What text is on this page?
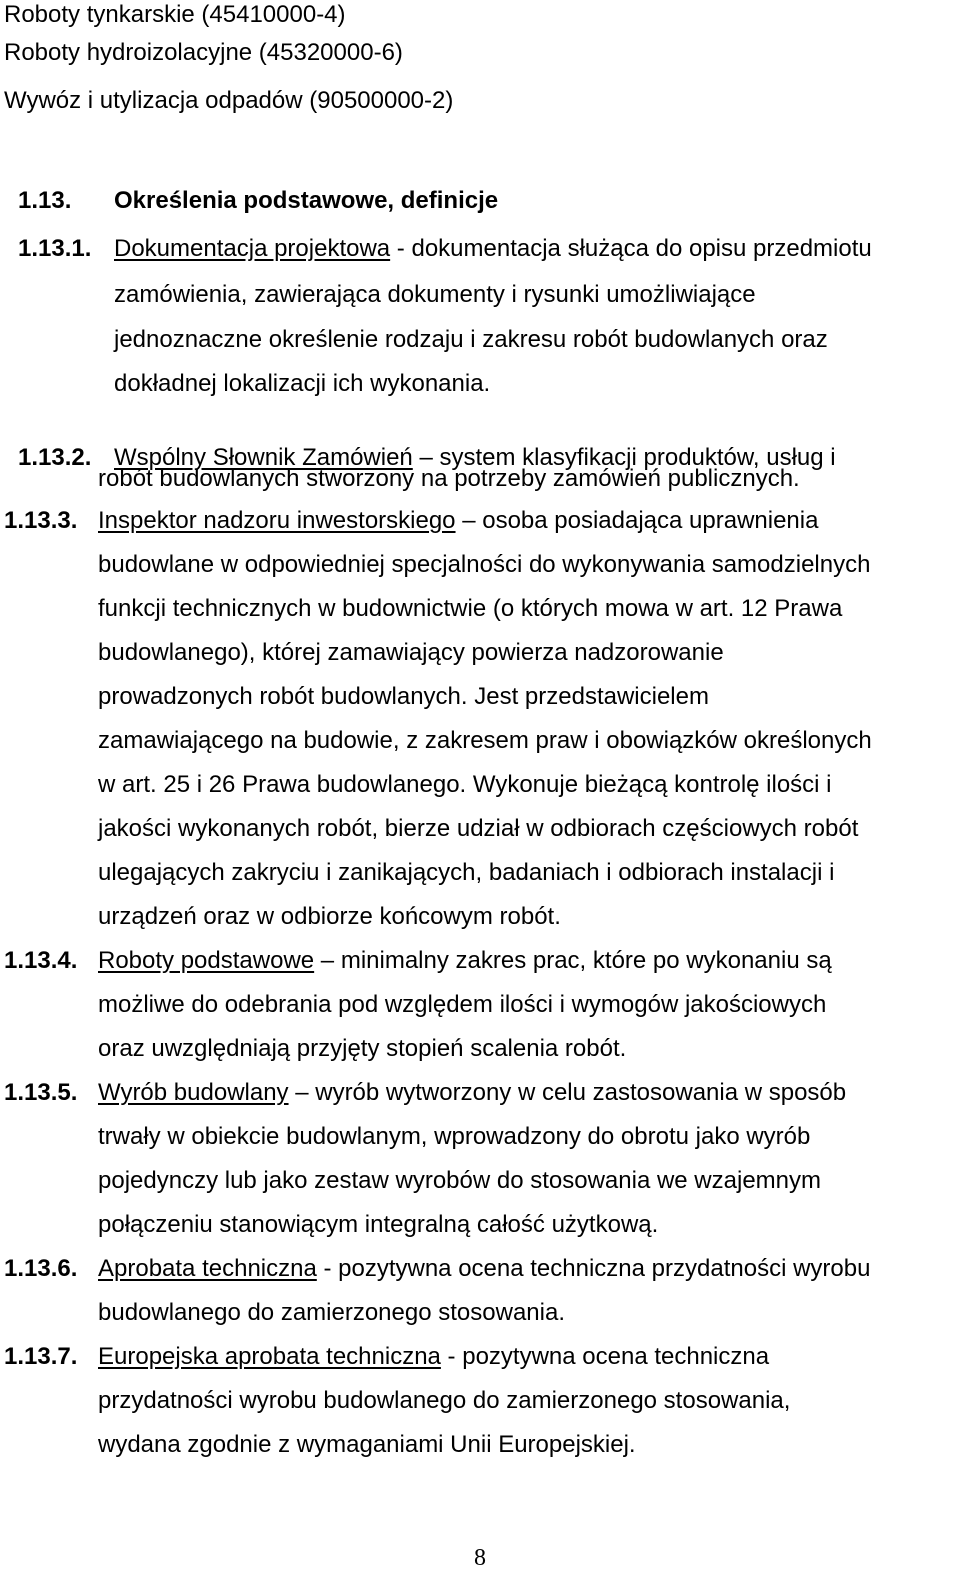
Roboty tynkarskie (45410000-4)
Roboty hydroizolacyjne (45320000-6)
Wywóz i utylizacja odpadów (90500000-2)
1.13. Określenia podstawowe, definicje
1.13.1. Dokumentacja projektowa - dokumentacja służąca do opisu przedmiotu
zamówienia, zawierająca dokumenty i rysunki umożliwiające
jednoznaczne określenie rodzaju i zakresu robót budowlanych oraz
dokładnej lokalizacji ich wykonania.
1.13.2. Wspólny Słownik Zamówień – system klasyfikacji produktów, usług i
robót budowlanych stworzony na potrzeby zamówień publicznych.
1.13.3. Inspektor nadzoru inwestorskiego – osoba posiadająca uprawnienia
budowlane w odpowiedniej specjalności do wykonywania samodzielnych
funkcji technicznych w budownictwie (o których mowa w art. 12 Prawa
budowlanego), której zamawiający powierza nadzorowanie
prowadzonych robót budowlanych. Jest przedstawicielem
zamawiającego na budowie, z zakresem praw i obowiązków określonych
w art. 25 i 26 Prawa budowlanego. Wykonuje bieżącą kontrolę ilości i
jakości wykonanych robót, bierze udział w odbiorach częściowych robót
ulegających zakryciu i zanikających, badaniach i odbiorach instalacji i
urządzeń oraz w odbiorze końcowym robót.
1.13.4. Roboty podstawowe – minimalny zakres prac, które po wykonaniu są
możliwe do odebrania pod względem ilości i wymogów jakościowych
oraz uwzględniają przyjęty stopień scalenia robót.
1.13.5. Wyrób budowlany – wyrób wytworzony w celu zastosowania w sposób
trwały w obiekcie budowlanym, wprowadzony do obrotu jako wyrób
pojedynczy lub jako zestaw wyrobów do stosowania we wzajemnym
połączeniu stanowiącym integralną całość użytkową.
1.13.6. Aprobata techniczna - pozytywna ocena techniczna przydatności wyrobu
budowlanego do zamierzonego stosowania.
1.13.7. Europejska aprobata techniczna - pozytywna ocena techniczna
przydatności wyrobu budowlanego do zamierzonego stosowania,
wydana zgodnie z wymaganiami Unii Europejskiej.
8
